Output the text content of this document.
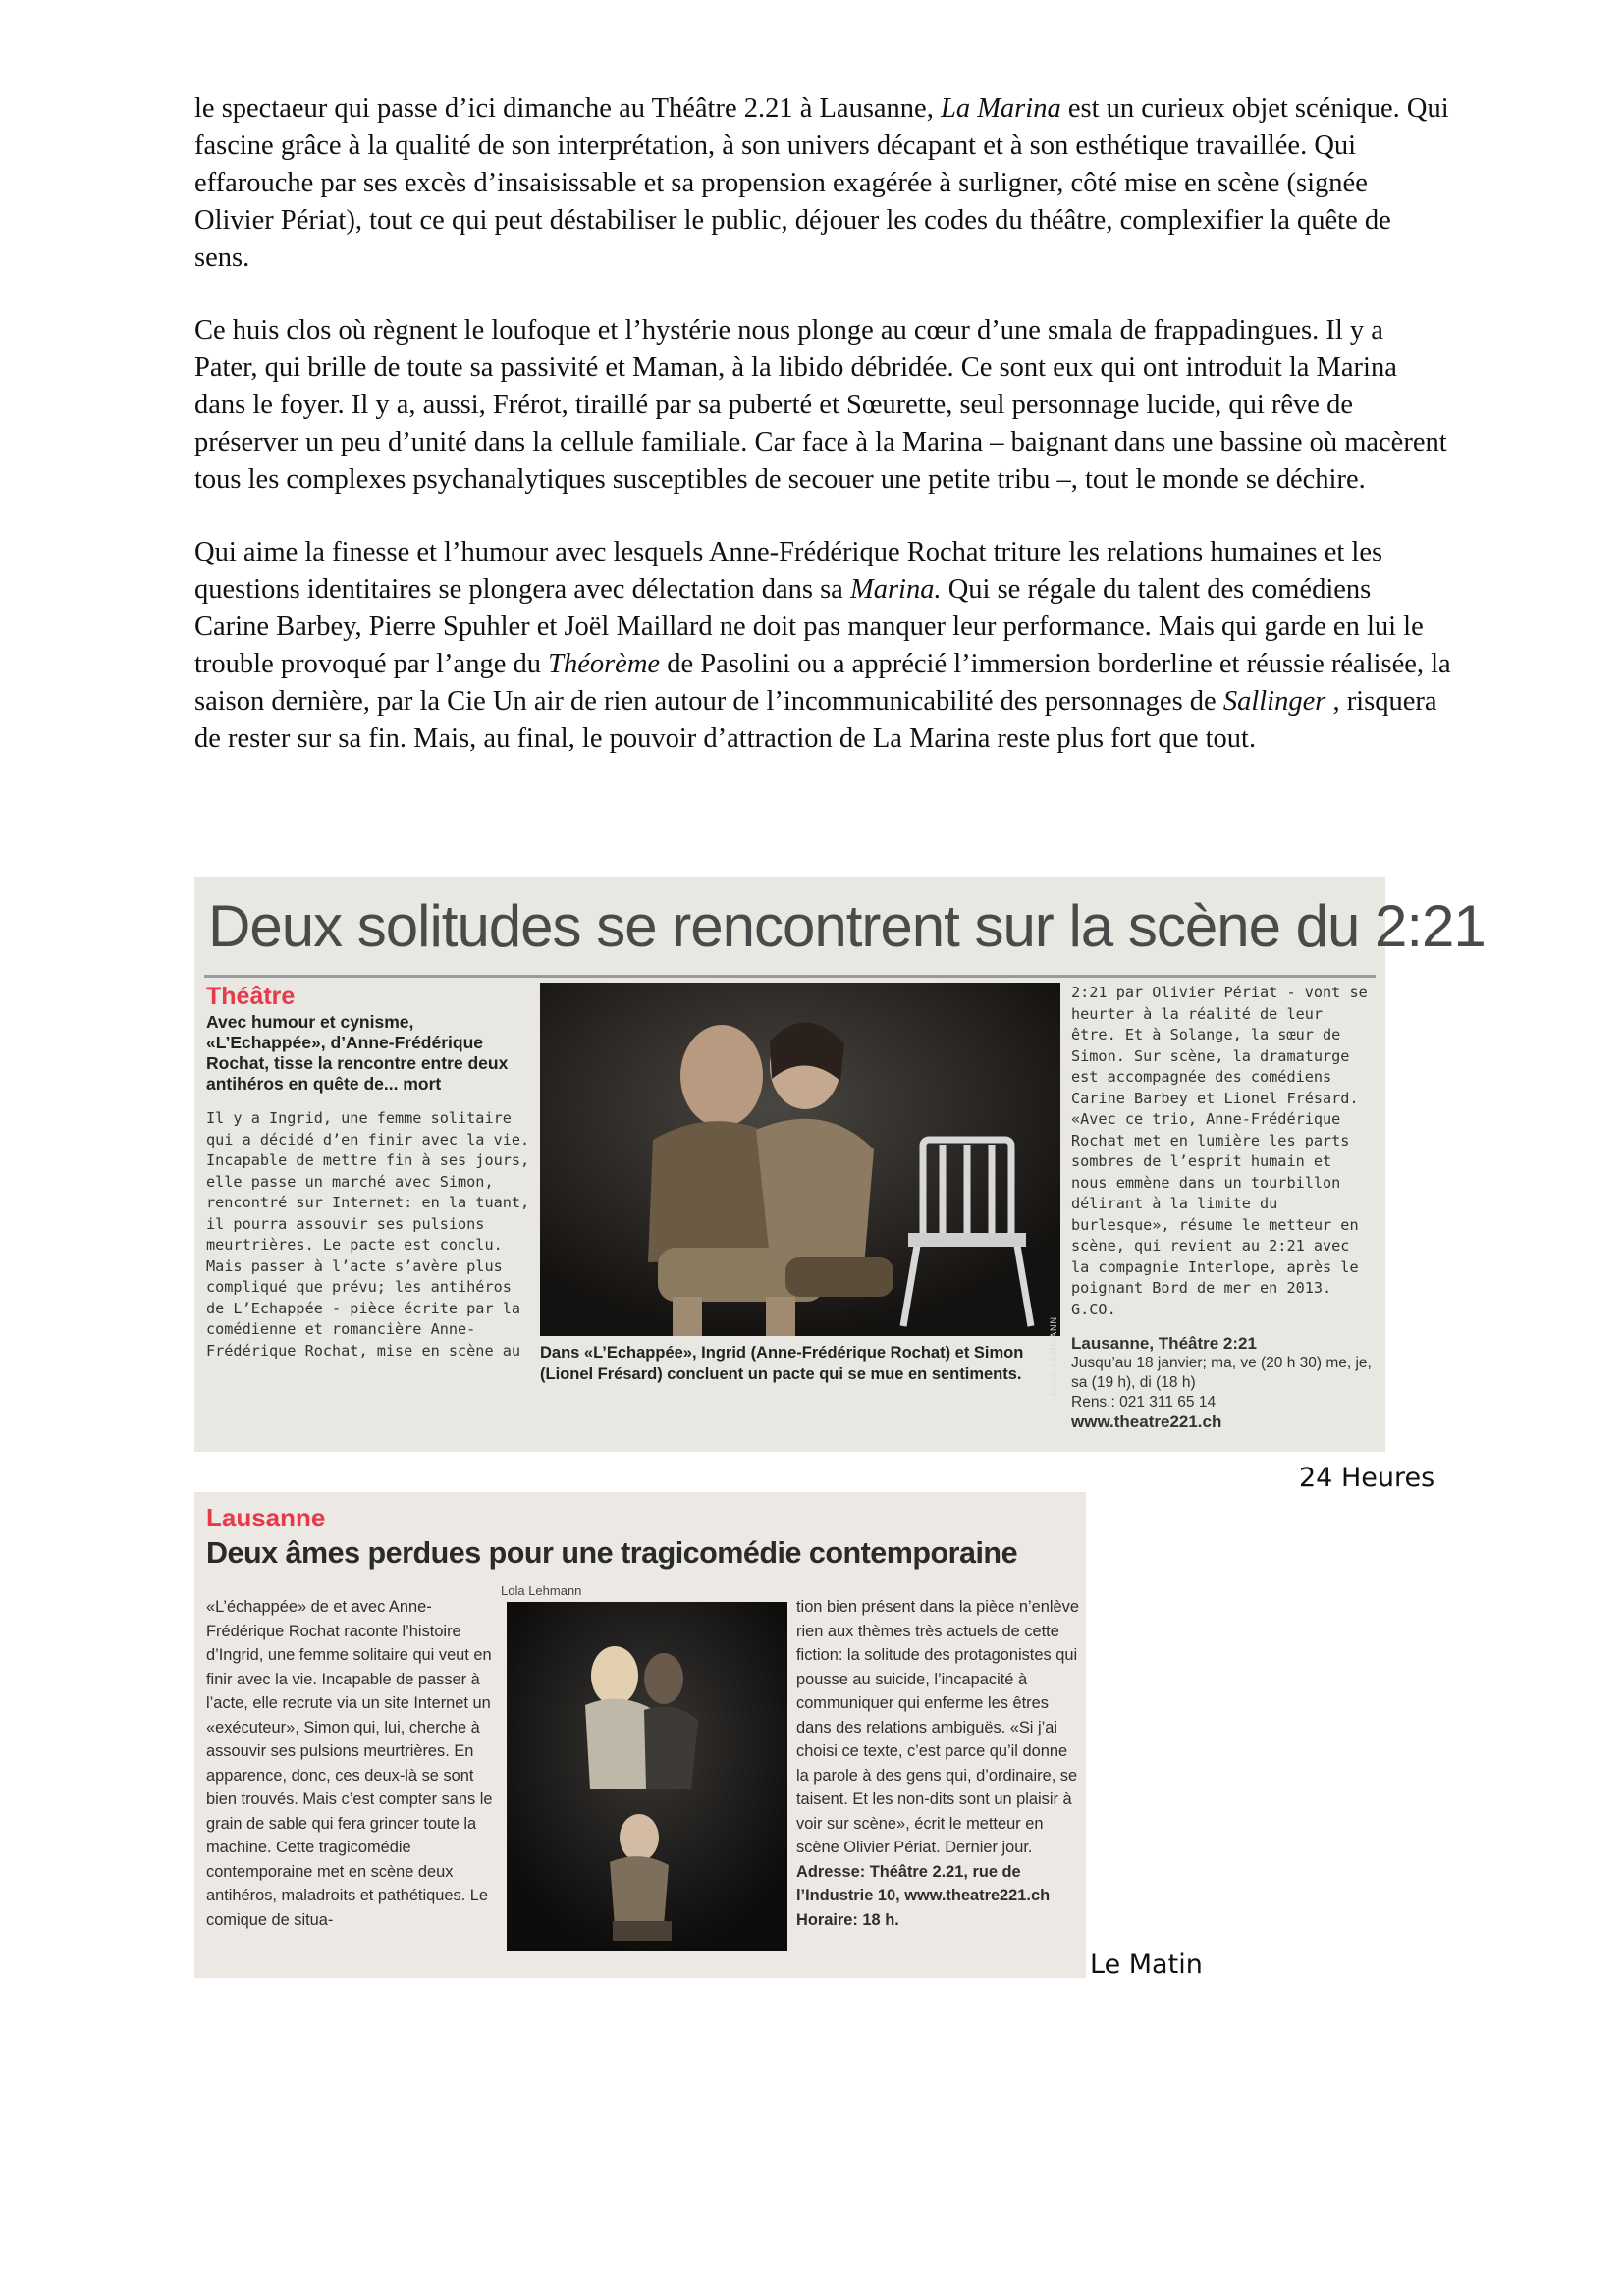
le spectaeur qui passe d’ici dimanche au Théâtre 2.21 à Lausanne, La Marina est un curieux objet scénique. Qui fascine grâce à la qualité de son interprétation, à son univers décapant et à son esthétique travaillée. Qui effarouche par ses excès d’insaisissable et sa propension exagérée à surligner, côté mise en scène (signée Olivier Périat), tout ce qui peut déstabiliser le public, déjouer les codes du théâtre, complexifier la quête de sens.

Ce huis clos où règnent le loufoque et l’hystérie nous plonge au cœur d’une smala de frappadingues. Il y a Pater, qui brille de toute sa passivité et Maman, à la libido débridée. Ce sont eux qui ont introduit la Marina dans le foyer. Il y a, aussi, Frérot, tiraillé par sa puberté et Sœurette, seul personnage lucide, qui rêve de préserver un peu d’unité dans la cellule familiale. Car face à la Marina – baignant dans une bassine où macèrent tous les complexes psychanalytiques susceptibles de secouer une petite tribu –, tout le monde se déchire.

Qui aime la finesse et l’humour avec lesquels Anne-Frédérique Rochat triture les relations humaines et les questions identitaires se plongera avec délectation dans sa Marina. Qui se régale du talent des comédiens Carine Barbey, Pierre Spuhler et Joël Maillard ne doit pas manquer leur performance. Mais qui garde en lui le trouble provoqué par l’ange du Théorème de Pasolini ou a apprécié l’immersion borderline et réussie réalisée, la saison dernière, par la Cie Un air de rien autour de l’incommunicabilité des personnages de Sallinger , risquera de rester sur sa fin. Mais, au final, le pouvoir d’attraction de La Marina reste plus fort que tout.

Deux solitudes se rencontrent sur la scène du 2:21
Théâtre
Avec humour et cynisme, «L’Echappée», d’Anne-Frédérique Rochat, tisse la rencontre entre deux antihéros en quête de... mort
Il y a Ingrid, une femme solitaire qui a décidé d’en finir avec la vie. Incapable de mettre fin à ses jours, elle passe un marché avec Simon, rencontré sur Internet: en la tuant, il pourra assouvir ses pulsions meurtrières. Le pacte est conclu. Mais passer à l’acte s’avère plus compliqué que prévu; les antihéros de L’Echappée - pièce écrite par la comédienne et romancière Anne-Frédérique Rochat, mise en scène au	LOLA LEHMANN
Dans «L’Echappée», Ingrid (Anne-Frédérique Rochat) et Simon (Lionel Frésard) concluent un pacte qui se mue en sentiments.
2:21 par Olivier Périat - vont se heurter à la réalité de leur être. Et à Solange, la sœur de Simon. Sur scène, la dramaturge est accompagnée des comédiens Carine Barbey et Lionel Frésard. «Avec ce trio, Anne-Frédérique Rochat met en lumière les parts sombres de l’esprit humain et nous emmène dans un tourbillon délirant à la limite du burlesque», résume le metteur en scène, qui revient au 2:21 avec la compagnie Interlope, après le poignant Bord de mer en 2013. G.CO.
Lausanne, Théâtre 2:21
Jusqu’au 18 janvier; ma, ve (20 h 30) me, je, sa (19 h), di (18 h)
Rens.: 021 311 65 14
www.theatre221.ch
24 Heures
Lausanne
Deux âmes perdues pour une tragicomédie contemporaine
Lola Lehmann
«L’échappée» de et avec Anne-Frédérique Rochat raconte l’histoire d’Ingrid, une femme solitaire qui veut en finir avec la vie. Incapable de passer à l’acte, elle recrute via un site Internet un «exécuteur», Simon qui, lui, cherche à assouvir ses pulsions meurtrières. En apparence, donc, ces deux-là se sont bien trouvés. Mais c’est compter sans le grain de sable qui fera grincer toute la machine. Cette tragicomédie contemporaine met en scène deux antihéros, maladroits et pathétiques. Le comique de situa-
tion bien présent dans la pièce n’enlève rien aux thèmes très actuels de cette fiction: la solitude des protagonistes qui pousse au suicide, l’incapacité à communiquer qui enferme les êtres dans des relations ambiguës. «Si j’ai choisi ce texte, c’est parce qu’il donne la parole à des gens qui, d’ordinaire, se taisent. Et les non-dits sont un plaisir à voir sur scène», écrit le metteur en scène Olivier Périat. Dernier jour.
Adresse: Théâtre 2.21, rue de l’Industrie 10, www.theatre221.ch Horaire: 18 h.
Le Matin
